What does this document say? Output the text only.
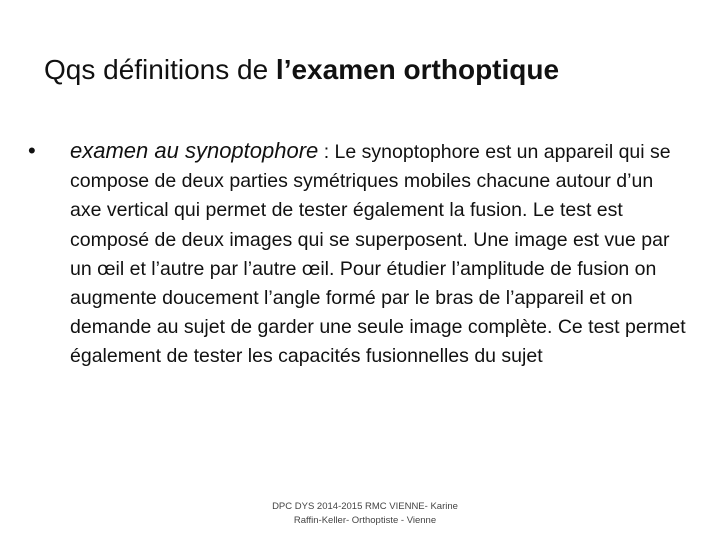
Qqs définitions de l’examen orthoptique
• examen au synoptophore : Le synoptophore est un appareil qui se compose de deux parties symétriques mobiles chacune autour d’un axe vertical qui permet de tester également la fusion. Le test est composé de deux images qui se superposent. Une image est vue par un œil et l’autre par l’autre œil. Pour étudier l’amplitude de fusion on augmente doucement l’angle formé par le bras de l’appareil et on demande au sujet de garder une seule image complète. Ce test permet également de tester les capacités fusionnelles du sujet
DPC DYS 2014-2015 RMC VIENNE- Karine
Raffin-Keller- Orthoptiste - Vienne
